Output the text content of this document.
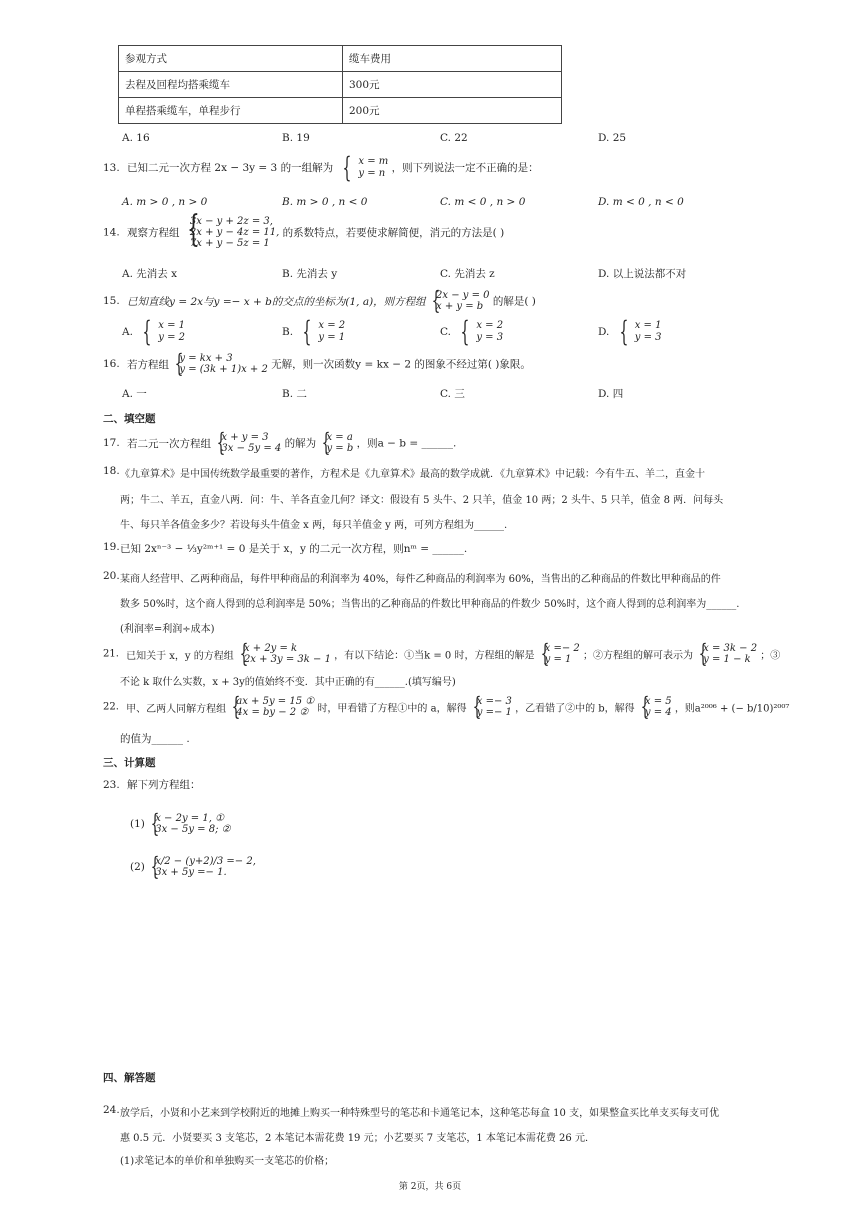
参观方式	缆车费用
去程及回程均搭乘缆车	300元
单程搭乘缆车，单程步行	200元
A. 16	B. 19	C. 22	D. 25
13. 已知二元一次方程 2x − 3y = 3 的一组解为 { x = m
y = n ，则下列说法一定不正确的是：
A. m > 0 , n > 0	B. m > 0 , n < 0	C. m < 0 , n > 0	D. m < 0 , n < 0
14. 观察方程组 { 3x − y + 2z = 3,
2x + y − 4z = 11,
7x + y − 5z = 1 的系数特点，若要使求解简便，消元的方法是( )
A. 先消去 x	B. 先消去 y	C. 先消去 z	D. 以上说法都不对
15. 已知直线y = 2x与y =− x + b的交点的坐标为(1, a)，则方程组 { 2x − y = 0
x + y = b 的解是( )
A. { x = 1
y = 2	B. { x = 2
y = 1	C. { x = 2
y = 3	D. { x = 1
y = 3
16. 若方程组 { y = kx + 3
y = (3k + 1)x + 2 无解，则一次函数y = kx − 2 的图象不经过第( )象限。
A. 一	B. 二	C. 三	D. 四
二、填空题
17. 若二元一次方程组 { x + y = 3
3x − 5y = 4 的解为 { x = a
y = b ，则a − b = ______.
18. 《九章算术》是中国传统数学最重要的著作，方程术是《九章算术》最高的数学成就．《九章算术》中记载：今有牛五、羊二，直金十
两；牛二、羊五，直金八两．问：牛、羊各直金几何？译文：假设有 5 头牛、2 只羊，值金 10 两；2 头牛、5 只羊，值金 8 两．问每头
牛、每只羊各值金多少？若设每头牛值金 x 两，每只羊值金 y 两，可列方程组为______.
19. 已知 2xⁿ⁻³ − ⅓y²ᵐ⁺¹ = 0 是关于 x，y 的二元一次方程，则nᵐ = ______.
20. 某商人经营甲、乙两种商品，每件甲种商品的利润率为 40%，每件乙种商品的利润率为 60%，当售出的乙种商品的件数比甲种商品的件
数多 50%时，这个商人得到的总利润率是 50%；当售出的乙种商品的件数比甲种商品的件数少 50%时，这个商人得到的总利润率为______.
(利润率=利润÷成本)
21. 已知关于 x，y 的方程组 { x + 2y = k
2x + 3y = 3k − 1 ，有以下结论：①当k = 0 时，方程组的解是 { x =− 2
y = 1 ；②方程组的解可表示为 { x = 3k − 2
y = 1 − k ；③
不论 k 取什么实数，x + 3y的值始终不变．其中正确的有______.(填写编号)
22. 甲、乙两人同解方程组 { ax + 5y = 15 ①
4x = by − 2 ② 时，甲看错了方程①中的 a，解得 { x =− 3
y =− 1 ，乙看错了②中的 b，解得 { x = 5
y = 4 ，则a²⁰⁰⁶ + (− b/10)²⁰⁰⁷
的值为______ .
三、计算题
23. 解下列方程组：
(1) { x − 2y = 1, ①
3x − 5y = 8; ②
(2) { x/2 − (y+2)/3 =− 2,
3x + 5y =− 1.
四、解答题
24. 放学后，小贤和小艺来到学校附近的地摊上购买一种特殊型号的笔芯和卡通笔记本，这种笔芯每盒 10 支，如果整盒买比单支买每支可优
惠 0.5 元．小贤要买 3 支笔芯，2 本笔记本需花费 19 元；小艺要买 7 支笔芯，1 本笔记本需花费 26 元．
(1)求笔记本的单价和单独购买一支笔芯的价格；
第 2页，共 6页
